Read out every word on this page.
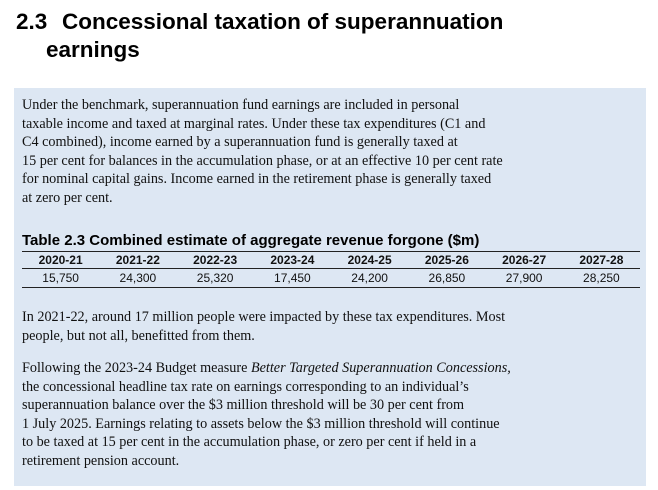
2.3 Concessional taxation of superannuation
earnings
Under the benchmark, superannuation fund earnings are included in personal
taxable income and taxed at marginal rates. Under these tax expenditures (C1 and
C4 combined), income earned by a superannuation fund is generally taxed at
15 per cent for balances in the accumulation phase, or at an effective 10 per cent rate
for nominal capital gains. Income earned in the retirement phase is generally taxed
at zero per cent.
Table 2.3 Combined estimate of aggregate revenue forgone ($m)
2020-21	2021-22	2022-23	2023-24	2024-25	2025-26	2026-27	2027-28
15,750	24,300	25,320	17,450	24,200	26,850	27,900	28,250
In 2021-22, around 17 million people were impacted by these tax expenditures. Most
people, but not all, benefitted from them.
Following the 2023-24 Budget measure Better Targeted Superannuation Concessions,
the concessional headline tax rate on earnings corresponding to an individual’s
superannuation balance over the $3 million threshold will be 30 per cent from
1 July 2025. Earnings relating to assets below the $3 million threshold will continue
to be taxed at 15 per cent in the accumulation phase, or zero per cent if held in a
retirement pension account.
